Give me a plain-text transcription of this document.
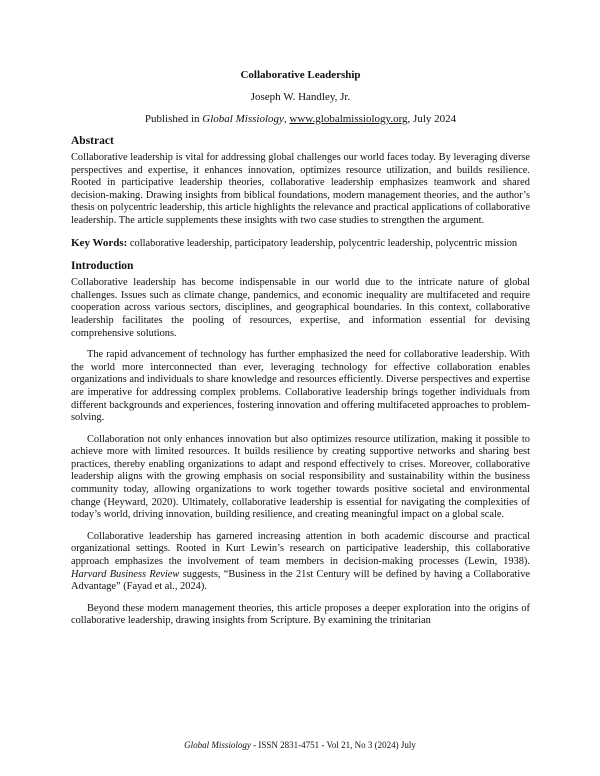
Collaborative Leadership
Joseph W. Handley, Jr.
Published in Global Missiology, www.globalmissiology.org, July 2024
Abstract

Collaborative leadership is vital for addressing global challenges our world faces today. By leveraging diverse perspectives and expertise, it enhances innovation, optimizes resource utilization, and builds resilience. Rooted in participative leadership theories, collaborative leadership emphasizes teamwork and shared decision-making. Drawing insights from biblical foundations, modern management theories, and the author’s thesis on polycentric leadership, this article highlights the relevance and practical applications of collaborative leadership. The article supplements these insights with two case studies to strengthen the argument.

Key Words: collaborative leadership, participatory leadership, polycentric leadership, polycentric mission

Introduction

Collaborative leadership has become indispensable in our world due to the intricate nature of global challenges. Issues such as climate change, pandemics, and economic inequality are multifaceted and require cooperation across various sectors, disciplines, and geographical boundaries. In this context, collaborative leadership facilitates the pooling of resources, expertise, and information essential for devising comprehensive solutions.

The rapid advancement of technology has further emphasized the need for collaborative leadership. With the world more interconnected than ever, leveraging technology for effective collaboration enables organizations and individuals to share knowledge and resources efficiently. Diverse perspectives and expertise are imperative for addressing complex problems. Collaborative leadership brings together individuals from different backgrounds and experiences, fostering innovation and offering multifaceted approaches to problem-solving.

Collaboration not only enhances innovation but also optimizes resource utilization, making it possible to achieve more with limited resources. It builds resilience by creating supportive networks and sharing best practices, thereby enabling organizations to adapt and respond effectively to crises. Moreover, collaborative leadership aligns with the growing emphasis on social responsibility and sustainability within the business community today, allowing organizations to work together towards positive societal and environmental change (Heyward, 2020). Ultimately, collaborative leadership is essential for navigating the complexities of today’s world, driving innovation, building resilience, and creating meaningful impact on a global scale.

Collaborative leadership has garnered increasing attention in both academic discourse and practical organizational settings. Rooted in Kurt Lewin’s research on participative leadership, this collaborative approach emphasizes the involvement of team members in decision-making processes (Lewin, 1938). Harvard Business Review suggests, “Business in the 21st Century will be defined by having a Collaborative Advantage” (Fayad et al., 2024).

Beyond these modern management theories, this article proposes a deeper exploration into the origins of collaborative leadership, drawing insights from Scripture. By examining the trinitarian

Global Missiology - ISSN 2831-4751 - Vol 21, No 3 (2024) July
